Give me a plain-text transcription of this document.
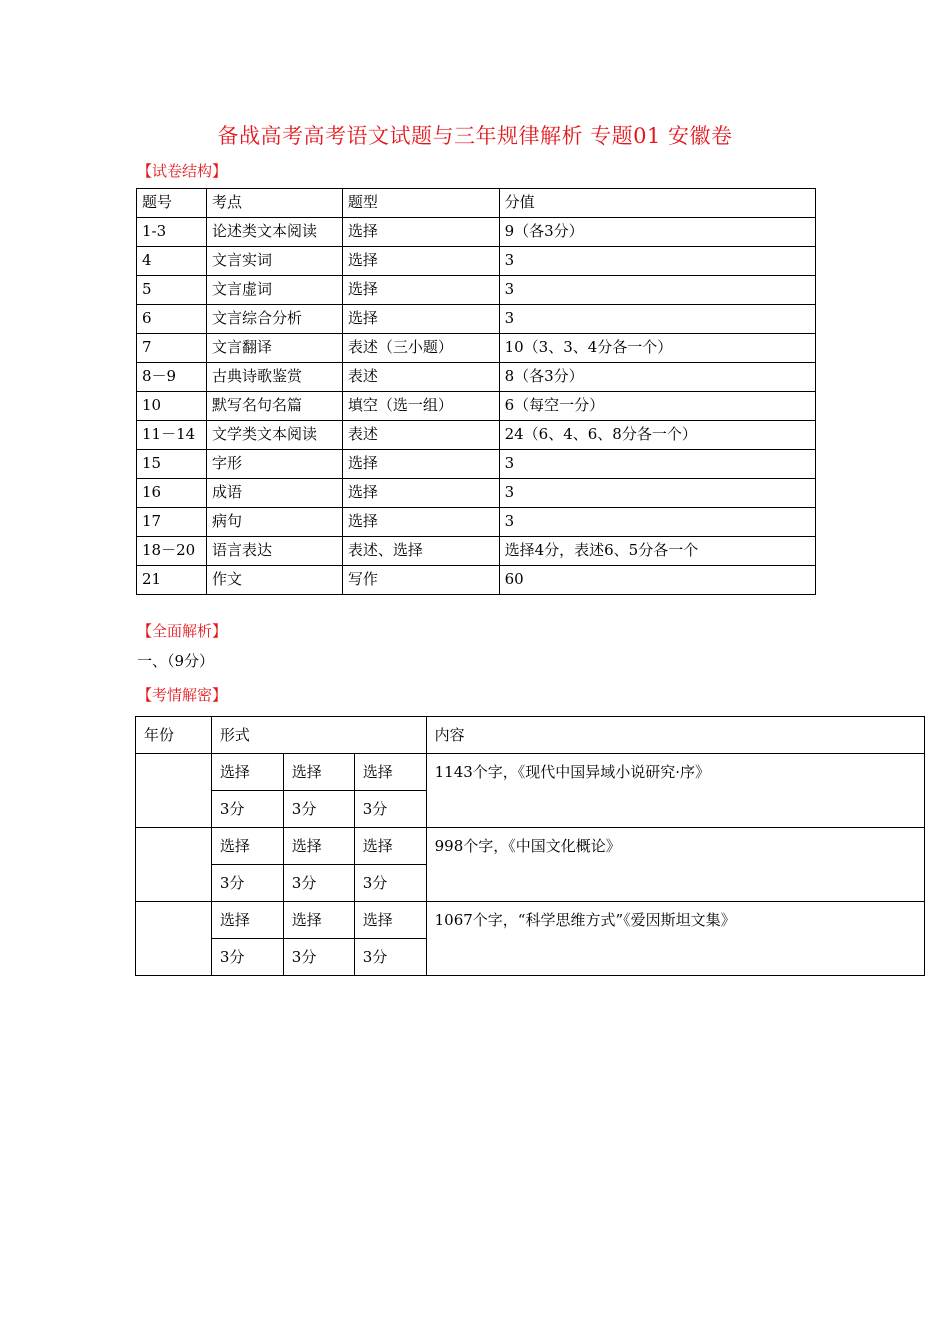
备战高考高考语文试题与三年规律解析 专题01 安徽卷
【试卷结构】
题号	考点	题型	分值
1-3	论述类文本阅读	选择	9（各3分）
4	文言实词	选择	3
5	文言虚词	选择	3
6	文言综合分析	选择	3
7	文言翻译	表述（三小题）	10（3、3、4分各一个）
8－9	古典诗歌鉴赏	表述	8（各3分）
10	默写名句名篇	填空（选一组）	6（每空一分）
11－14	文学类文本阅读	表述	24（6、4、6、8分各一个）
15	字形	选择	3
16	成语	选择	3
17	病句	选择	3
18－20	语言表达	表述、选择	选择4分，表述6、5分各一个
21	作文	写作	60
【全面解析】
一、（9分）
【考情解密】
年份	形式			内容
	选择	选择	选择	1143个字，《现代中国异域小说研究·序》
	3分	3分	3分	
	选择	选择	选择	998个字，《中国文化概论》
	3分	3分	3分	
	选择	选择	选择	1067个字，“科学思维方式”《爱因斯坦文集》
	3分	3分	3分	
